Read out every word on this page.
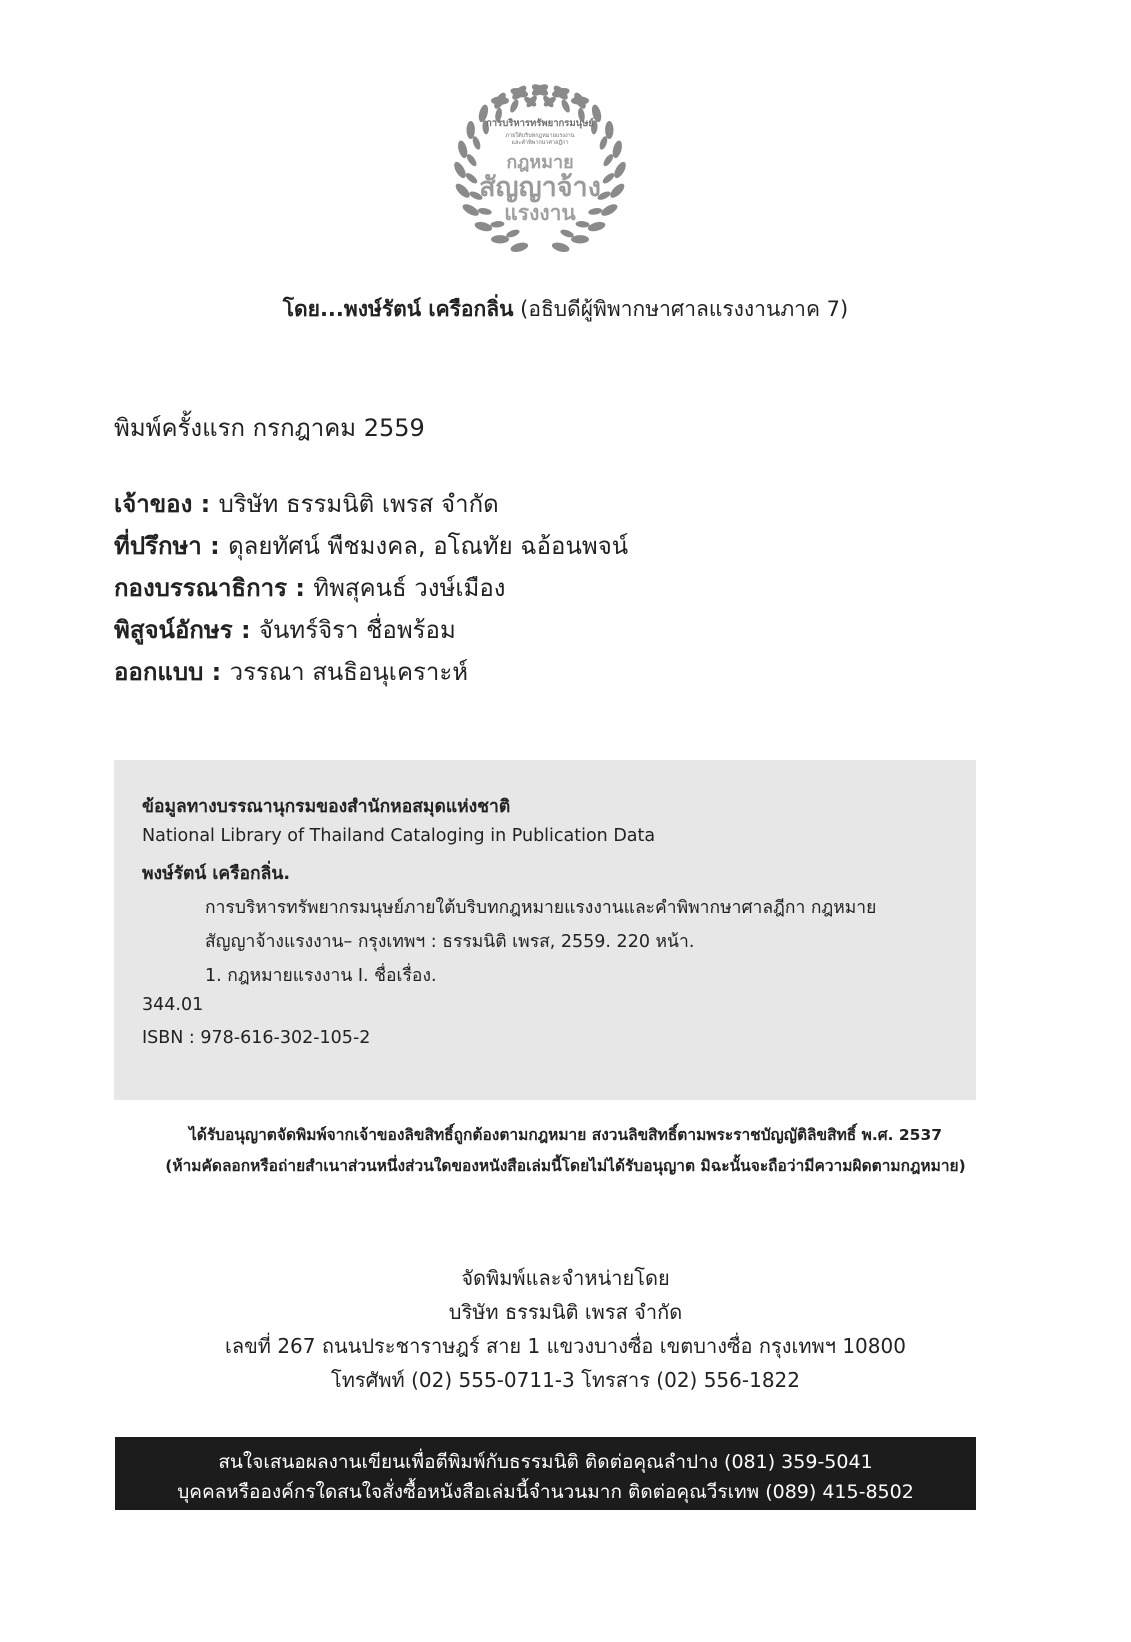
การบริหารทรัพยากรมนุษย์
ภายใต้บริบทกฎหมายแรงงาน
และคำพิพากษาศาลฎีกา
กฎหมาย
สัญญาจ้าง
แรงงาน
โดย...พงษ์รัตน์ เครือกลิ่น (อธิบดีผู้พิพากษาศาลแรงงานภาค 7)
พิมพ์ครั้งแรก กรกฎาคม 2559
เจ้าของ : บริษัท ธรรมนิติ เพรส จำกัด
ที่ปรึกษา : ดุลยทัศน์ พืชมงคล, อโณทัย ฉอ้อนพจน์
กองบรรณาธิการ : ทิพสุคนธ์ วงษ์เมือง
พิสูจน์อักษร : จันทร์จิรา ชื่อพร้อม
ออกแบบ : วรรณา สนธิอนุเคราะห์
ข้อมูลทางบรรณานุกรมของสำนักหอสมุดแห่งชาติ
National Library of Thailand Cataloging in Publication Data
พงษ์รัตน์ เครือกลิ่น.
การบริหารทรัพยากรมนุษย์ภายใต้บริบทกฎหมายแรงงานและคำพิพากษาศาลฎีกา กฎหมาย
สัญญาจ้างแรงงาน– กรุงเทพฯ : ธรรมนิติ เพรส, 2559. 220 หน้า.
1. กฎหมายแรงงาน I. ชื่อเรื่อง.
344.01
ISBN : 978-616-302-105-2
ได้รับอนุญาตจัดพิมพ์จากเจ้าของลิขสิทธิ์ถูกต้องตามกฎหมาย สงวนลิขสิทธิ์ตามพระราชบัญญัติลิขสิทธิ์ พ.ศ. 2537
(ห้ามคัดลอกหรือถ่ายสำเนาส่วนหนึ่งส่วนใดของหนังสือเล่มนี้โดยไม่ได้รับอนุญาต มิฉะนั้นจะถือว่ามีความผิดตามกฎหมาย)
จัดพิมพ์และจำหน่ายโดย
บริษัท ธรรมนิติ เพรส จำกัด
เลขที่ 267 ถนนประชาราษฎร์ สาย 1 แขวงบางซื่อ เขตบางซื่อ กรุงเทพฯ 10800
โทรศัพท์ (02) 555-0711-3 โทรสาร (02) 556-1822
สนใจเสนอผลงานเขียนเพื่อตีพิมพ์กับธรรมนิติ ติดต่อคุณลำปาง (081) 359-5041
บุคคลหรือองค์กรใดสนใจสั่งซื้อหนังสือเล่มนี้จำนวนมาก ติดต่อคุณวีรเทพ (089) 415-8502
